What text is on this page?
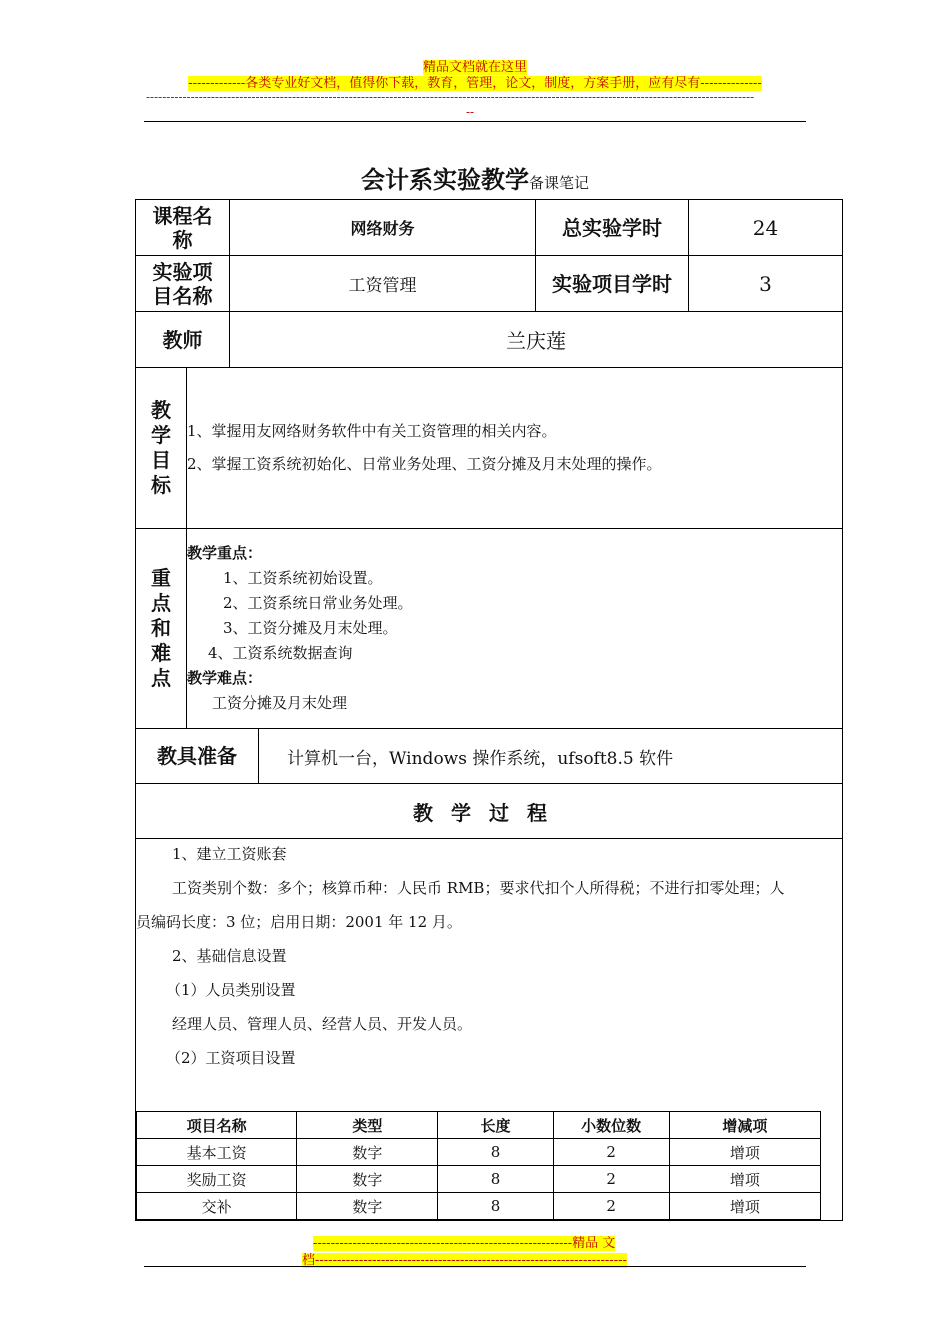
精品文档就在这里
-------------各类专业好文档，值得你下载，教育，管理，论文，制度，方案手册，应有尽有--------------
------------------------------------------------------------------------------------------------------------------------------------------------------
--
会计系实验教学备课笔记
课程名称	网络财务	总实验学时	24

实验项目名称	工资管理	实验项目学时	3
教师	兰庆莲

教学目标

1、掌握用友网络财务软件中有关工资管理的相关内容。
2、掌握工资系统初始化、日常业务处理、工资分摊及月末处理的操作。

重点和难点

教学重点：
1、工资系统初始设置。
2、工资系统日常业务处理。
3、工资分摊及月末处理。
4、工资系统数据查询
教学难点：
工资分摊及月末处理

教具准备	计算机一台，Windows 操作系统，ufsoft8.5 软件
教学过程

1、建立工资账套

工资类别个数：多个；核算币种：人民币 RMB；要求代扣个人所得税；不进行扣零处理；人

员编码长度：3 位；启用日期：2001 年 12 月。

2、基础信息设置

（1）人员类别设置

经理人员、管理人员、经营人员、开发人员。

（2）工资项目设置

项目名称	类型	长度	小数位数	增减项
基本工资	数字	8	2	增项
奖励工资	数字	8	2	增项
交补	数字	8	2	增项
-----------------------------------------------------------精品 文
档-----------------------------------------------------------------------
